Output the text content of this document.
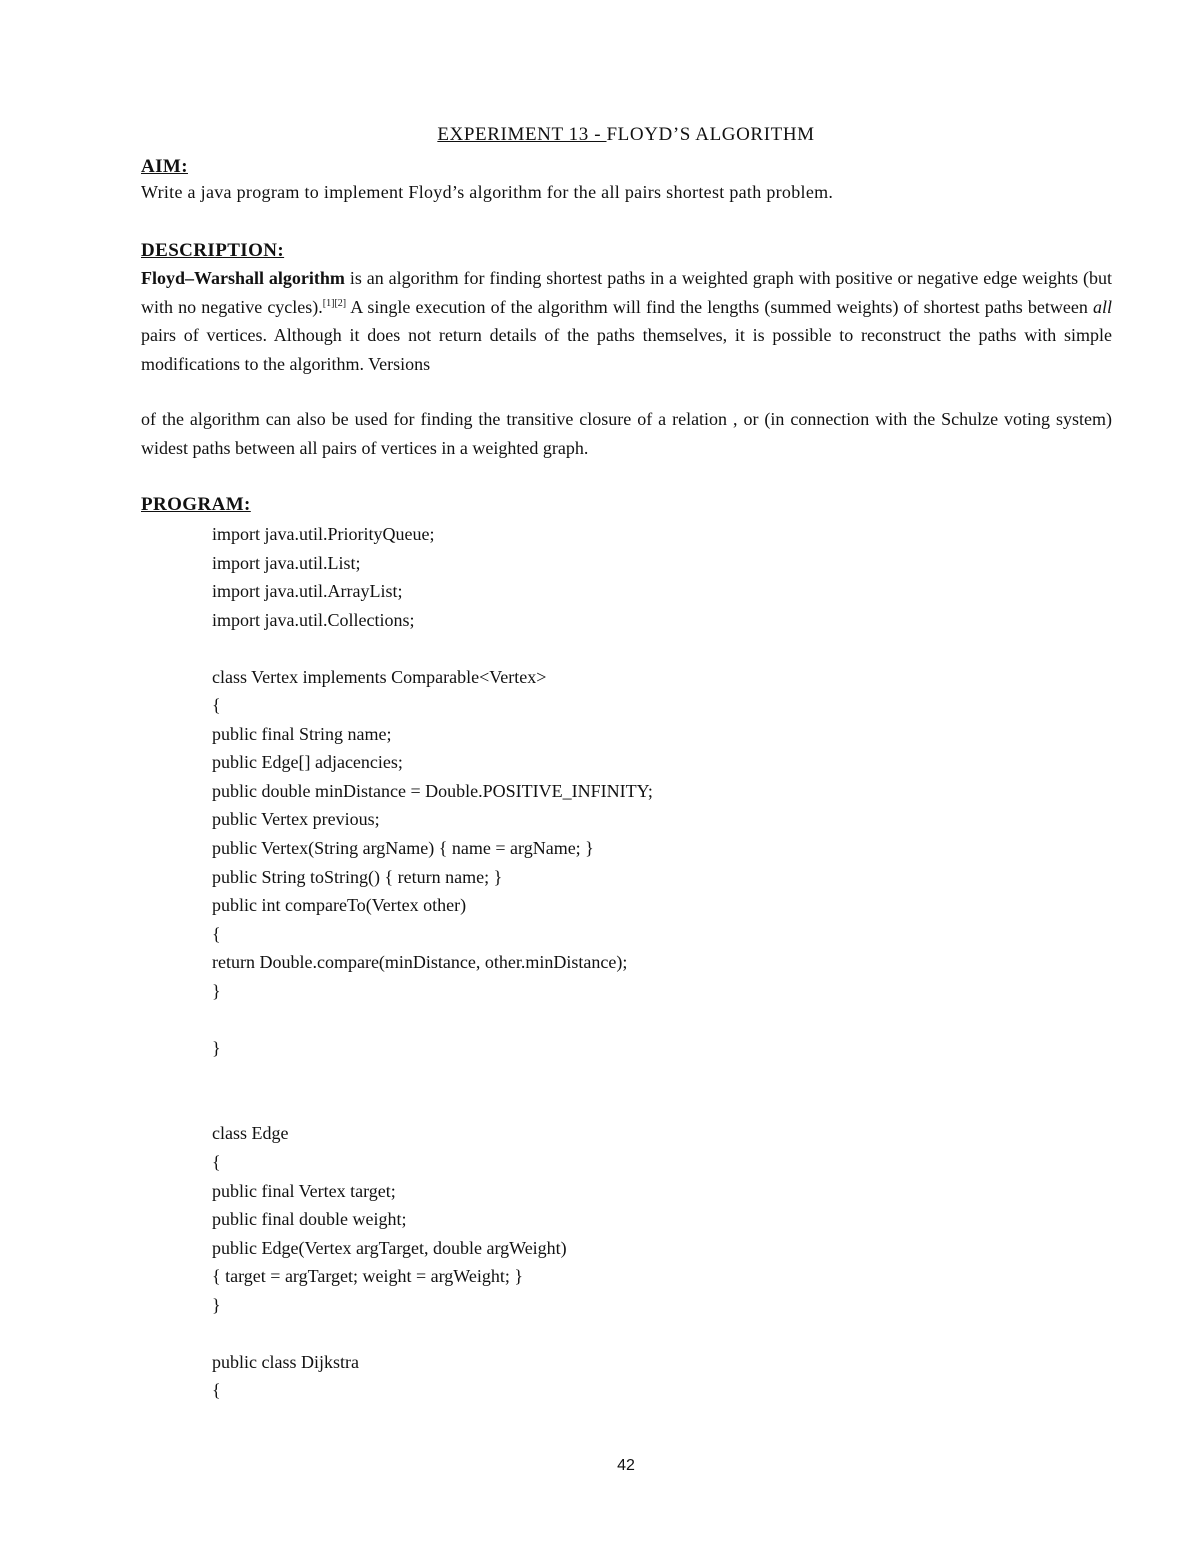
EXPERIMENT 13 - FLOYD’S ALGORITHM
AIM:
Write a java program to implement Floyd’s algorithm for the all pairs shortest path problem.
DESCRIPTION:
Floyd–Warshall algorithm is an algorithm for finding shortest paths in a weighted graph with positive or negative edge weights (but with no negative cycles).[1][2] A single execution of the algorithm will find the lengths (summed weights) of shortest paths between all pairs of vertices. Although it does not return details of the paths themselves, it is possible to reconstruct the paths with simple modifications to the algorithm. Versions
of the algorithm can also be used for finding the transitive closure of a relation , or (in connection with the Schulze voting system) widest paths between all pairs of vertices in a weighted graph.
PROGRAM:
import java.util.PriorityQueue;
import java.util.List;
import java.util.ArrayList;
import java.util.Collections;
class Vertex implements Comparable<Vertex>
{
public final String name;
public Edge[] adjacencies;
public double minDistance = Double.POSITIVE_INFINITY;
public Vertex previous;
public Vertex(String argName) { name = argName; }
public String toString() { return name; }
public int compareTo(Vertex other)
{
return Double.compare(minDistance, other.minDistance);
}
}
class Edge
{
public final Vertex target;
public final double weight;
public Edge(Vertex argTarget, double argWeight)
{ target = argTarget; weight = argWeight; }
}
public class Dijkstra
{
42
